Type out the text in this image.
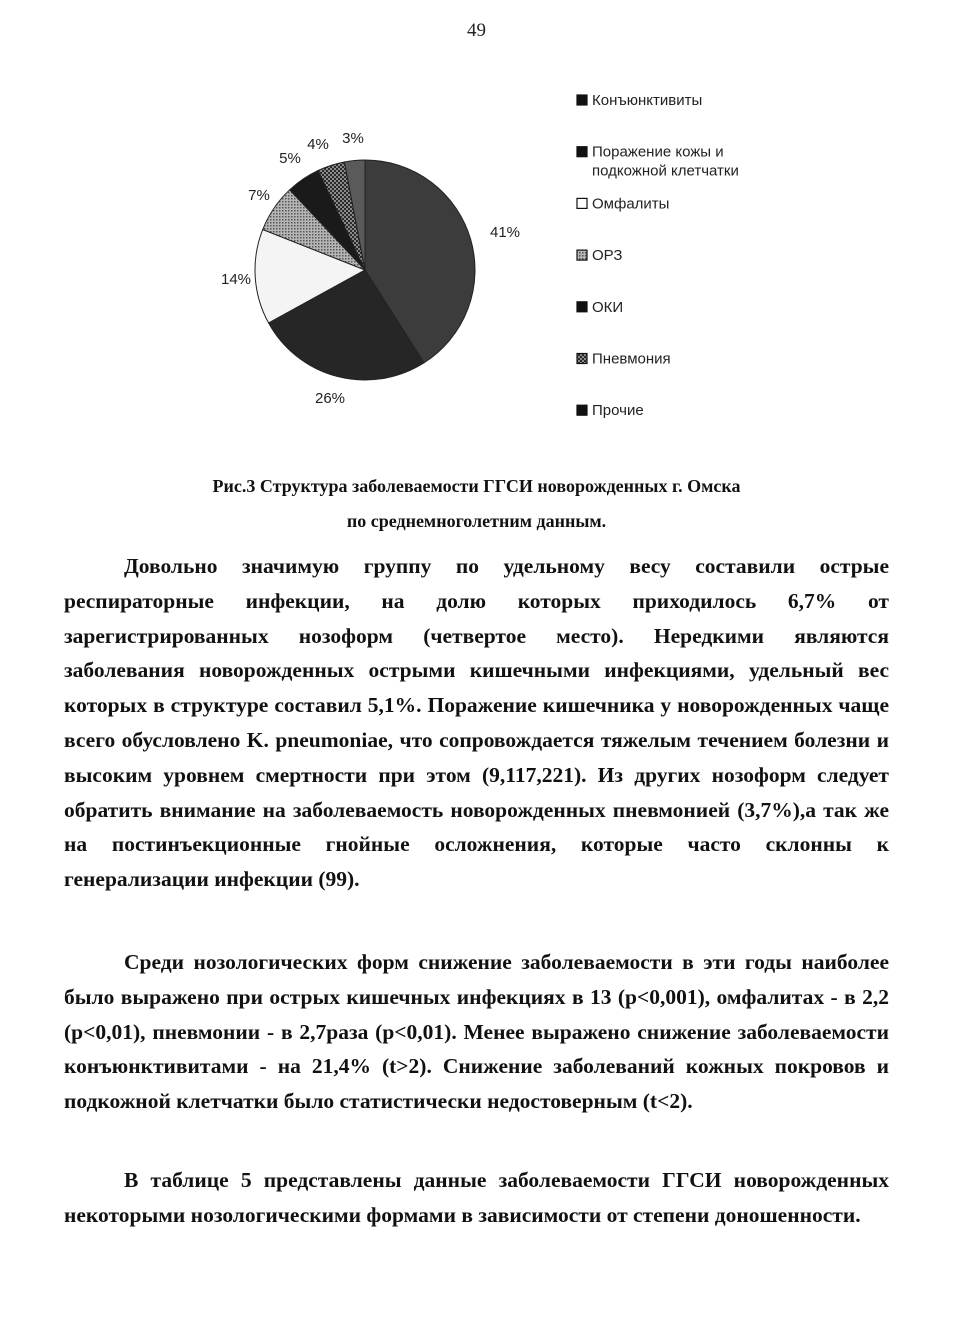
49
41%
26%
14%
7%
5%
4% 3%
Конъюнктивиты
Поражение кожы и
подкожной клетчатки
Омфалиты
ОРЗ
ОКИ
Пневмония
Прочие
Рис.3 Структура заболеваемости ГГСИ новорожденных г. Омска
по среднемноголетним данным.

Довольно значимую группу по удельному весу составили острые респираторные инфекции, на долю которых приходилось 6,7% от зарегистрированных нозоформ (четвертое место). Нередкими являются заболевания новорожденных острыми кишечными инфекциями, удельный вес которых в структуре составил 5,1%. Поражение кишечника у новорожденных чаще всего обусловлено K. pneumoniae, что сопровождается тяжелым течением болезни и высоким уровнем смертности при этом (9,117,221). Из других нозоформ следует обратить внимание на заболеваемость новорожденных пневмонией (3,7%),а так же на постинъекционные гнойные осложнения, которые часто склонны к генерализации инфекции (99).

Среди нозологических форм снижение заболеваемости в эти годы наиболее было выражено при острых кишечных инфекциях в 13 (p<0,001), омфалитах - в 2,2 (p<0,01), пневмонии - в 2,7раза (p<0,01). Менее выражено снижение заболеваемости конъюнктивитами - на 21,4% (t>2). Снижение заболеваний кожных покровов и подкожной клетчатки было статистически недостоверным (t<2).

В таблице 5 представлены данные заболеваемости ГГСИ новорожденных некоторыми нозологическими формами в зависимости от степени доношенности.
